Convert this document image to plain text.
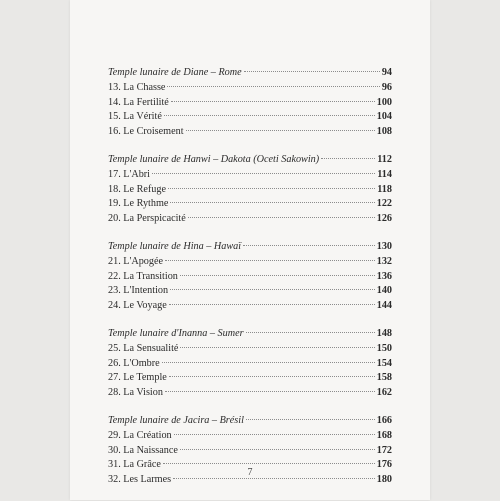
Temple lunaire de Diane – Rome	94
13. La Chasse	96
14. La Fertilité	100
15. La Vérité	104
16. Le Croisement	108
Temple lunaire de Hanwi – Dakota (Oceti Sakowin)	112
17. L'Abri	114
18. Le Refuge	118
19. Le Rythme	122
20. La Perspicacité	126
Temple lunaire de Hina – Hawaï	130
21. L'Apogée	132
22. La Transition	136
23. L'Intention	140
24. Le Voyage	144
Temple lunaire d'Inanna – Sumer	148
25. La Sensualité	150
26. L'Ombre	154
27. Le Temple	158
28. La Vision	162
Temple lunaire de Jacira – Brésil	166
29. La Création	168
30. La Naissance	172
31. La Grâce	176
32. Les Larmes	180
7
